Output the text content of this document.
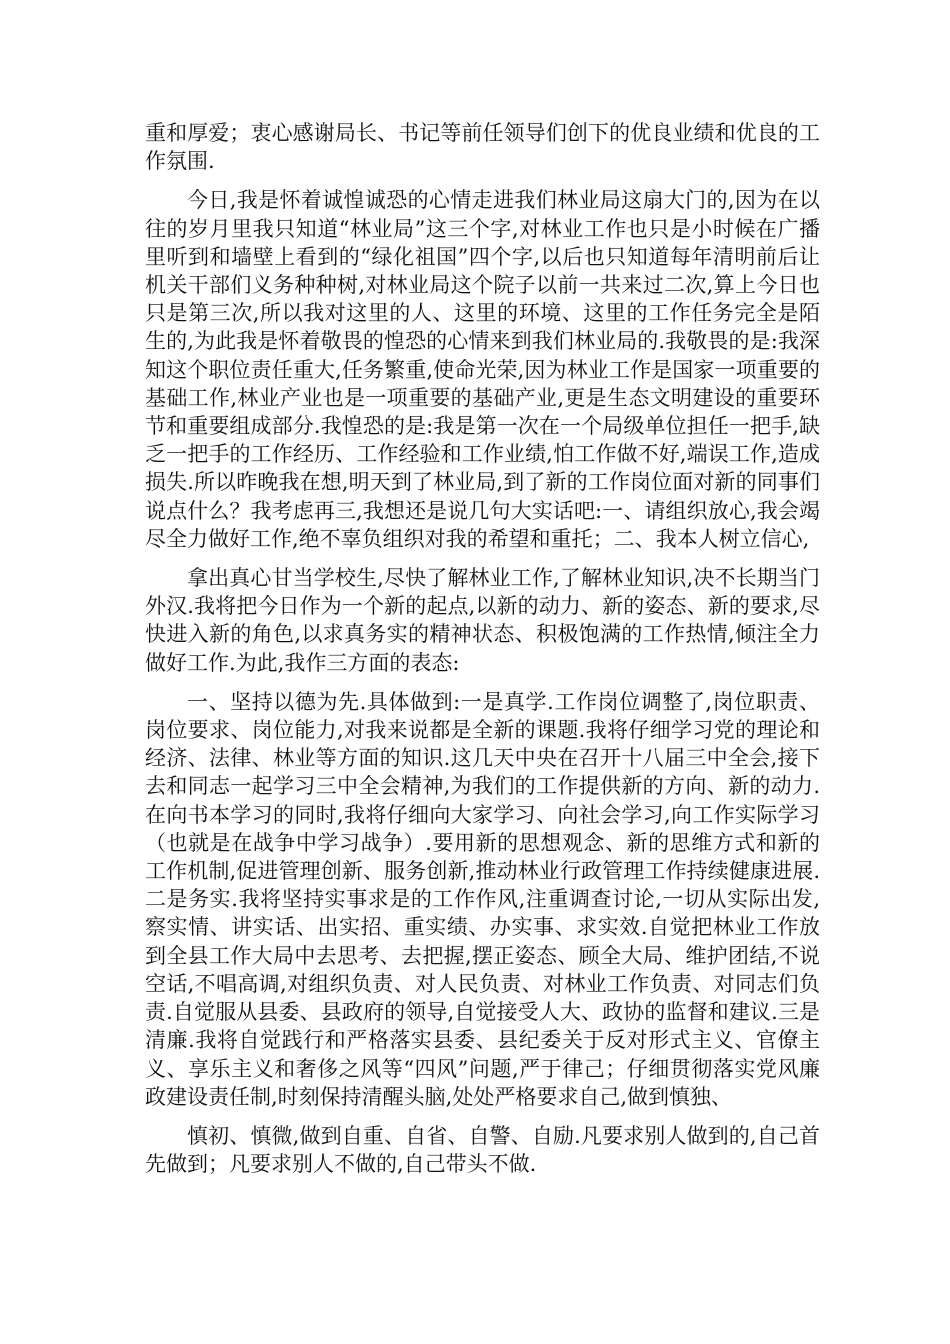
重和厚爱；衷心感谢局长、书记等前任领导们创下的优良业绩和优良的工作氛围.

今日,我是怀着诚惶诚恐的心情走进我们林业局这扇大门的,因为在以往的岁月里我只知道“林业局”这三个字,对林业工作也只是小时候在广播里听到和墙壁上看到的“绿化祖国”四个字,以后也只知道每年清明前后让机关干部们义务种种树,对林业局这个院子以前一共来过二次,算上今日也只是第三次,所以我对这里的人、这里的环境、这里的工作任务完全是陌生的,为此我是怀着敬畏的惶恐的心情来到我们林业局的.我敬畏的是:我深知这个职位责任重大,任务繁重,使命光荣,因为林业工作是国家一项重要的基础工作,林业产业也是一项重要的基础产业,更是生态文明建设的重要环节和重要组成部分.我惶恐的是:我是第一次在一个局级单位担任一把手,缺乏一把手的工作经历、工作经验和工作业绩,怕工作做不好,端误工作,造成损失.所以昨晚我在想,明天到了林业局,到了新的工作岗位面对新的同事们说点什么？我考虑再三,我想还是说几句大实话吧:一、请组织放心,我会竭尽全力做好工作,绝不辜负组织对我的希望和重托；二、我本人树立信心,

拿出真心甘当学校生,尽快了解林业工作,了解林业知识,决不长期当门外汉.我将把今日作为一个新的起点,以新的动力、新的姿态、新的要求,尽快进入新的角色,以求真务实的精神状态、积极饱满的工作热情,倾注全力做好工作.为此,我作三方面的表态:

一、坚持以德为先.具体做到:一是真学.工作岗位调整了,岗位职责、岗位要求、岗位能力,对我来说都是全新的课题.我将仔细学习党的理论和经济、法律、林业等方面的知识.这几天中央在召开十八届三中全会,接下去和同志一起学习三中全会精神,为我们的工作提供新的方向、新的动力.在向书本学习的同时,我将仔细向大家学习、向社会学习,向工作实际学习（也就是在战争中学习战争）.要用新的思想观念、新的思维方式和新的工作机制,促进管理创新、服务创新,推动林业行政管理工作持续健康进展.二是务实.我将坚持实事求是的工作作风,注重调查讨论,一切从实际出发,察实情、讲实话、出实招、重实绩、办实事、求实效.自觉把林业工作放到全县工作大局中去思考、去把握,摆正姿态、顾全大局、维护团结,不说空话,不唱高调,对组织负责、对人民负责、对林业工作负责、对同志们负责.自觉服从县委、县政府的领导,自觉接受人大、政协的监督和建议.三是清廉.我将自觉践行和严格落实县委、县纪委关于反对形式主义、官僚主义、享乐主义和奢侈之风等“四风”问题,严于律己；仔细贯彻落实党风廉政建设责任制,时刻保持清醒头脑,处处严格要求自己,做到慎独、

慎初、慎微,做到自重、自省、自警、自励.凡要求别人做到的,自己首先做到；凡要求别人不做的,自己带头不做.
